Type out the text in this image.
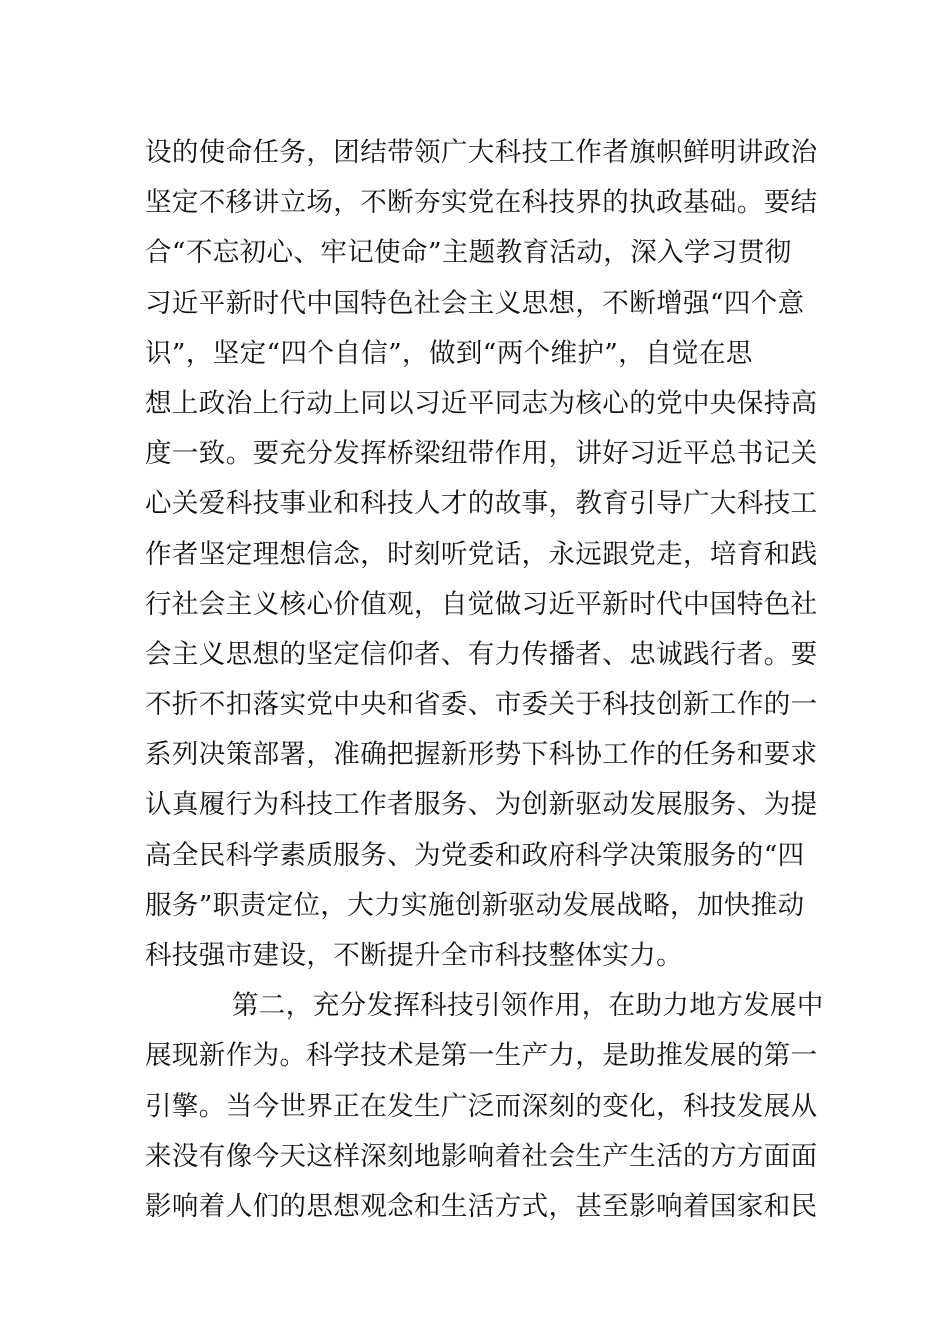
设的使命任务，团结带领广大科技工作者旗帜鲜明讲政治
坚定不移讲立场，不断夯实党在科技界的执政基础。要结
合“不忘初心、牢记使命”主题教育活动，深入学习贯彻
习近平新时代中国特色社会主义思想，不断增强“四个意
识”，坚定“四个自信”，做到“两个维护”，自觉在思
想上政治上行动上同以习近平同志为核心的党中央保持高
度一致。要充分发挥桥梁纽带作用，讲好习近平总书记关
心关爱科技事业和科技人才的故事，教育引导广大科技工
作者坚定理想信念，时刻听党话，永远跟党走，培育和践
行社会主义核心价值观，自觉做习近平新时代中国特色社
会主义思想的坚定信仰者、有力传播者、忠诚践行者。要
不折不扣落实党中央和省委、市委关于科技创新工作的一
系列决策部署，准确把握新形势下科协工作的任务和要求
认真履行为科技工作者服务、为创新驱动发展服务、为提
高全民科学素质服务、为党委和政府科学决策服务的“四
服务”职责定位，大力实施创新驱动发展战略，加快推动
科技强市建设，不断提升全市科技整体实力。
第二，充分发挥科技引领作用，在助力地方发展中
展现新作为。科学技术是第一生产力，是助推发展的第一
引擎。当今世界正在发生广泛而深刻的变化，科技发展从
来没有像今天这样深刻地影响着社会生产生活的方方面面
影响着人们的思想观念和生活方式，甚至影响着国家和民
